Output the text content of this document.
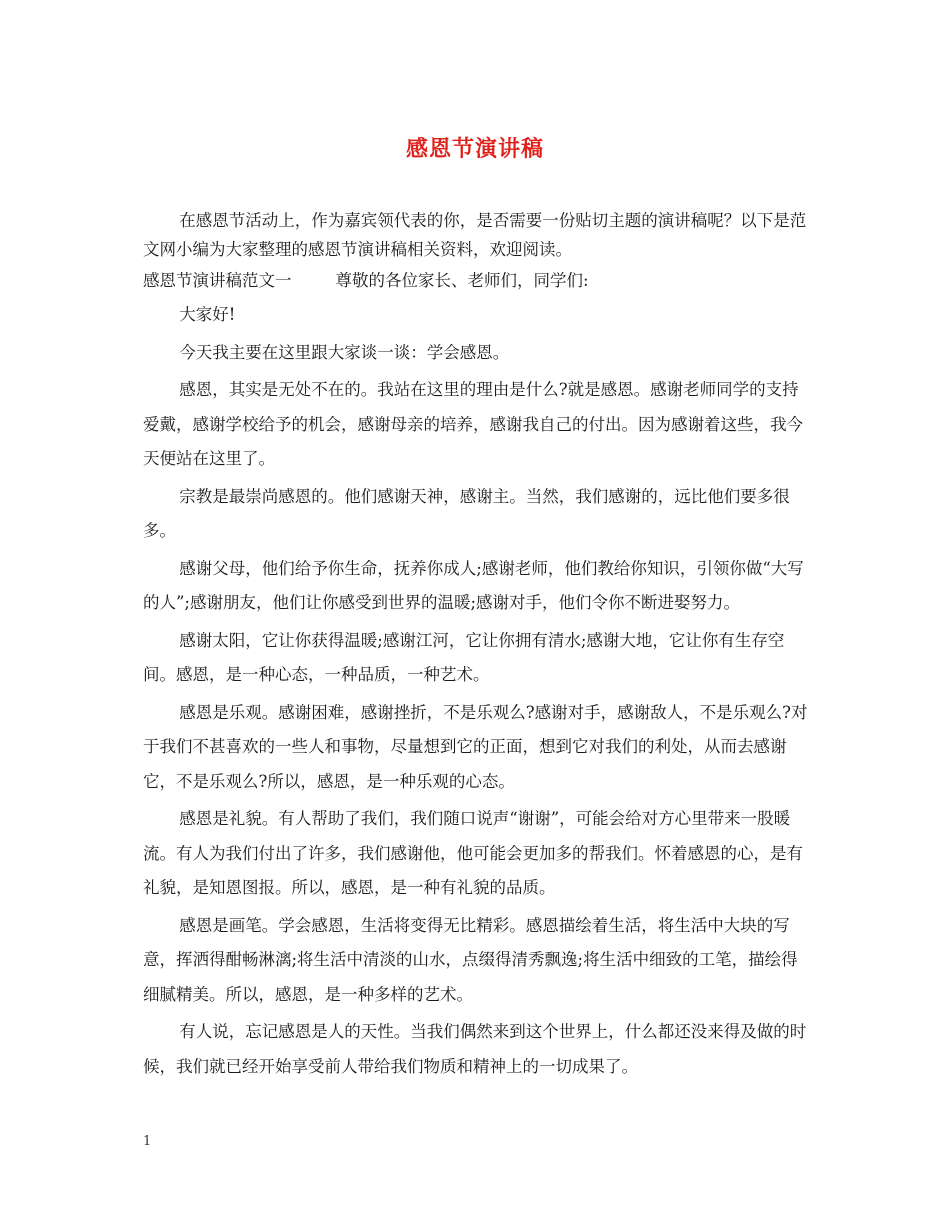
感恩节演讲稿

在感恩节活动上，作为嘉宾领代表的你，是否需要一份贴切主题的演讲稿呢？以下是范文网小编为大家整理的感恩节演讲稿相关资料，欢迎阅读。

感恩节演讲稿范文一	尊敬的各位家长、老师们，同学们:

大家好!

今天我主要在这里跟大家谈一谈：学会感恩。

感恩，其实是无处不在的。我站在这里的理由是什么?就是感恩。感谢老师同学的支持爱戴，感谢学校给予的机会，感谢母亲的培养，感谢我自己的付出。因为感谢着这些，我今天便站在这里了。

宗教是最崇尚感恩的。他们感谢天神，感谢主。当然，我们感谢的，远比他们要多很多。

感谢父母，他们给予你生命，抚养你成人;感谢老师，他们教给你知识，引领你做“大写的人”;感谢朋友，他们让你感受到世界的温暖;感谢对手，他们令你不断进娶努力。

感谢太阳，它让你获得温暖;感谢江河，它让你拥有清水;感谢大地，它让你有生存空间。感恩，是一种心态，一种品质，一种艺术。

感恩是乐观。感谢困难，感谢挫折，不是乐观么?感谢对手，感谢敌人，不是乐观么?对于我们不甚喜欢的一些人和事物，尽量想到它的正面，想到它对我们的利处，从而去感谢它，不是乐观么?所以，感恩，是一种乐观的心态。

感恩是礼貌。有人帮助了我们，我们随口说声“谢谢”，可能会给对方心里带来一股暖流。有人为我们付出了许多，我们感谢他，他可能会更加多的帮我们。怀着感恩的心，是有礼貌，是知恩图报。所以，感恩，是一种有礼貌的品质。

感恩是画笔。学会感恩，生活将变得无比精彩。感恩描绘着生活，将生活中大块的写意，挥洒得酣畅淋漓;将生活中清淡的山水，点缀得清秀飘逸;将生活中细致的工笔，描绘得细腻精美。所以，感恩，是一种多样的艺术。

有人说，忘记感恩是人的天性。当我们偶然来到这个世界上，什么都还没来得及做的时候，我们就已经开始享受前人带给我们物质和精神上的一切成果了。

1
